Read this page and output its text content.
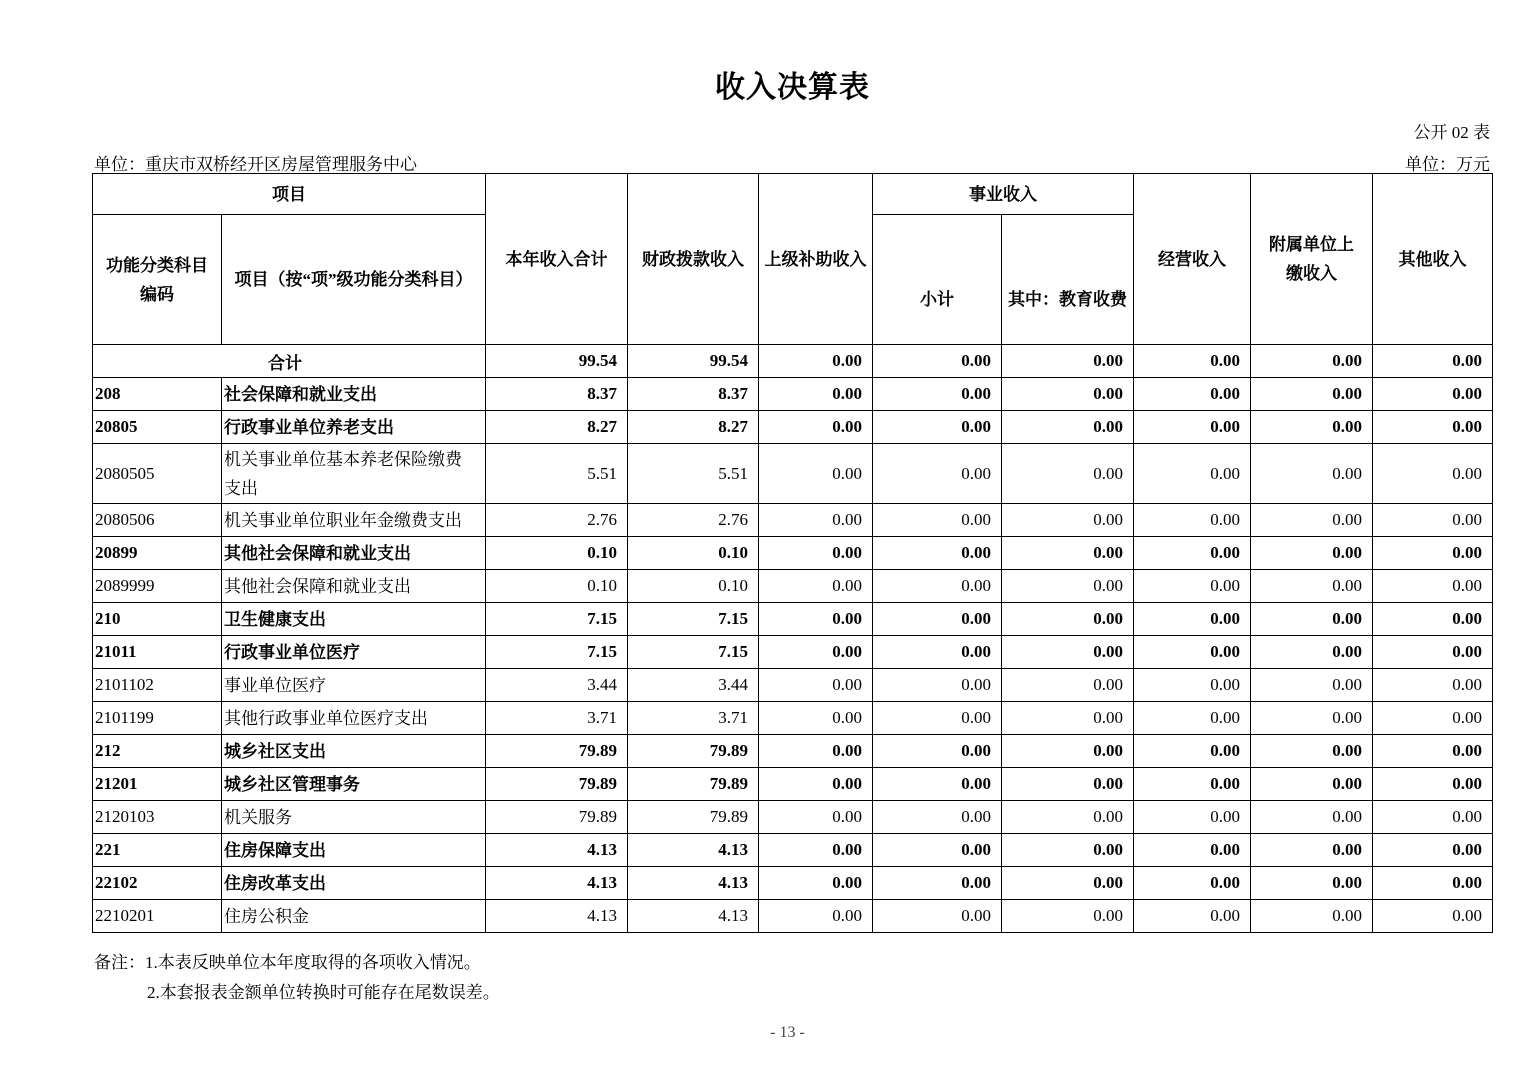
收入决算表
公开 02 表
单位：重庆市双桥经开区房屋管理服务中心	单位：万元
项目		本年收入合计	财政拨款收入	上级补助收入	事业收入		经营收入	附属单位上缴收入	其他收入
功能分类科目编码	项目（按“项”级功能分类科目）				小计	其中：教育收费			
合计		99.54	99.54	0.00	0.00	0.00	0.00	0.00	0.00
208	社会保障和就业支出	8.37	8.37	0.00	0.00	0.00	0.00	0.00	0.00
20805	行政事业单位养老支出	8.27	8.27	0.00	0.00	0.00	0.00	0.00	0.00
2080505	机关事业单位基本养老保险缴费支出	5.51	5.51	0.00	0.00	0.00	0.00	0.00	0.00
2080506	机关事业单位职业年金缴费支出	2.76	2.76	0.00	0.00	0.00	0.00	0.00	0.00
20899	其他社会保障和就业支出	0.10	0.10	0.00	0.00	0.00	0.00	0.00	0.00
2089999	其他社会保障和就业支出	0.10	0.10	0.00	0.00	0.00	0.00	0.00	0.00
210	卫生健康支出	7.15	7.15	0.00	0.00	0.00	0.00	0.00	0.00
21011	行政事业单位医疗	7.15	7.15	0.00	0.00	0.00	0.00	0.00	0.00
2101102	事业单位医疗	3.44	3.44	0.00	0.00	0.00	0.00	0.00	0.00
2101199	其他行政事业单位医疗支出	3.71	3.71	0.00	0.00	0.00	0.00	0.00	0.00
212	城乡社区支出	79.89	79.89	0.00	0.00	0.00	0.00	0.00	0.00
21201	城乡社区管理事务	79.89	79.89	0.00	0.00	0.00	0.00	0.00	0.00
2120103	机关服务	79.89	79.89	0.00	0.00	0.00	0.00	0.00	0.00
221	住房保障支出	4.13	4.13	0.00	0.00	0.00	0.00	0.00	0.00
22102	住房改革支出	4.13	4.13	0.00	0.00	0.00	0.00	0.00	0.00
2210201	住房公积金	4.13	4.13	0.00	0.00	0.00	0.00	0.00	0.00
备注：1.本表反映单位本年度取得的各项收入情况。
2.本套报表金额单位转换时可能存在尾数误差。
- 13 -
